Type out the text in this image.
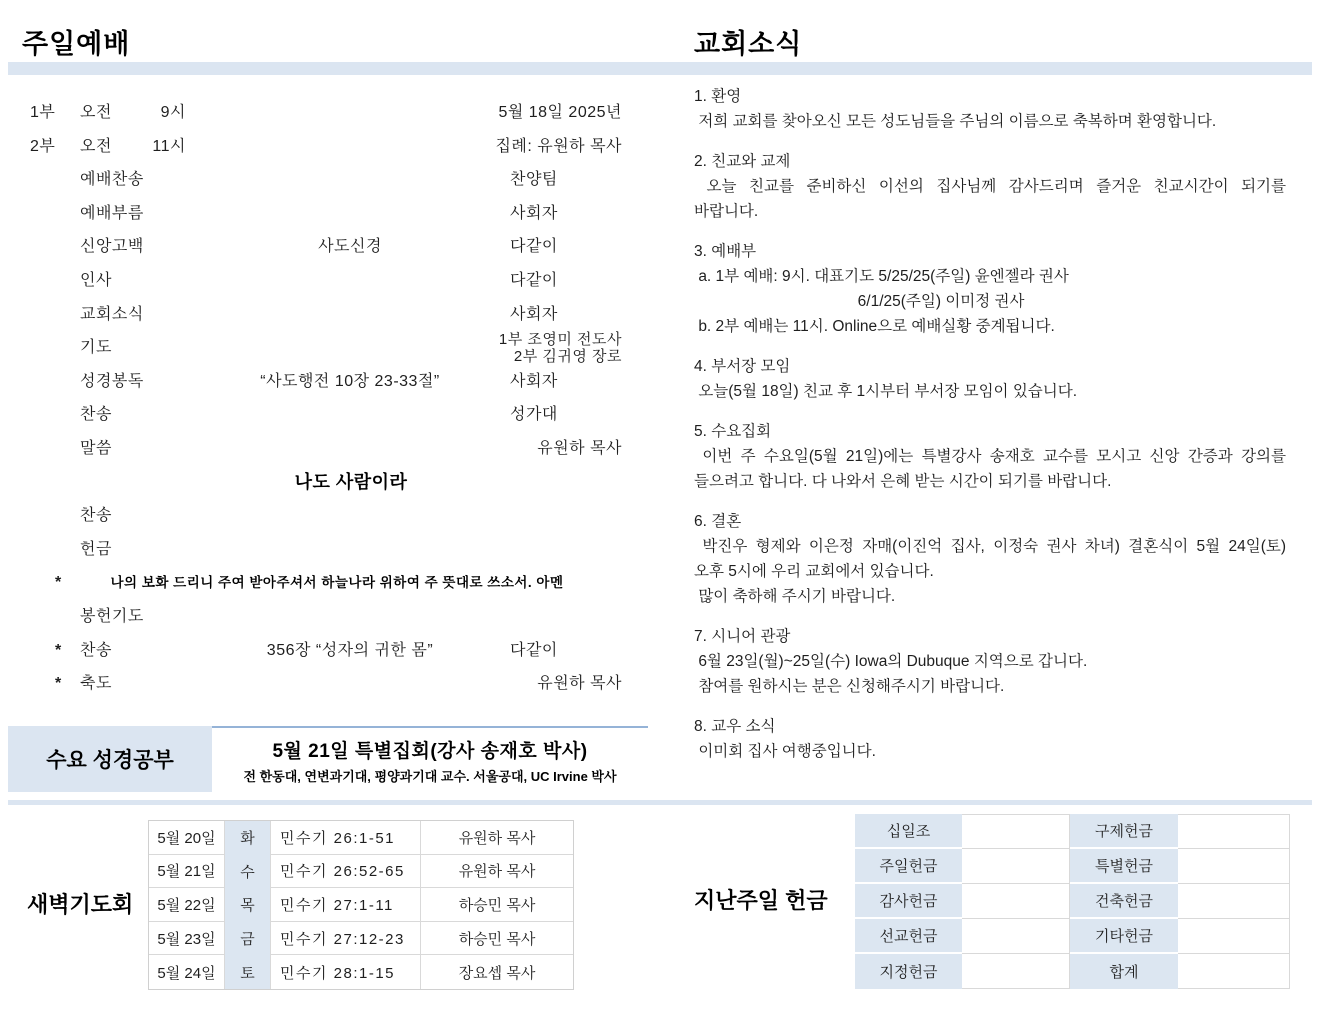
주일예배	교회소식
1부 오전 9시	5월 18일 2025년
2부 오전 11시	집례: 유원하 목사
예배찬송	찬양팀
예배부름	사회자
신앙고백	사도신경	다같이
인사	다같이
교회소식	사회자
기도	1부 조영미 전도사
2부 김귀영 장로
성경봉독	“사도행전 10장 23-33절”	사회자
찬송	성가대
말씀	유원하 목사
나도 사람이라
찬송
헌금
*	나의 보화 드리니 주여 받아주셔서 하늘나라 위하여 주 뜻대로 쓰소서. 아멘
봉헌기도
* 찬송	356장 “성자의 귀한 몸”	다같이
* 축도	유원하 목사
1. 환영
저희 교회를 찾아오신 모든 성도님들을 주님의 이름으로 축복하며 환영합니다.
2. 친교와 교제
오늘 친교를 준비하신 이선의 집사님께 감사드리며 즐거운 친교시간이 되기를
바랍니다.
3. 예배부
a. 1부 예배: 9시. 대표기도 5/25/25(주일) 윤엔젤라 권사
6/1/25(주일) 이미정 권사
b. 2부 예배는 11시. Online으로 예배실황 중계됩니다.
4. 부서장 모임
오늘(5월 18일) 친교 후 1시부터 부서장 모임이 있습니다.
5. 수요집회
이번 주 수요일(5월 21일)에는 특별강사 송재호 교수를 모시고 신앙 간증과 강의를
들으려고 합니다. 다 나와서 은혜 받는 시간이 되기를 바랍니다.
6. 결혼
박진우 형제와 이은정 자매(이진억 집사, 이정숙 권사 차녀) 결혼식이 5월 24일(토)
오후 5시에 우리 교회에서 있습니다.
많이 축하해 주시기 바랍니다.
7. 시니어 관광
6월 23일(월)~25일(수) Iowa의 Dubuque 지역으로 갑니다.
참여를 원하시는 분은 신청해주시기 바랍니다.
8. 교우 소식
이미회 집사 여행중입니다.
수요 성경공부	5월 21일 특별집회(강사 송재호 박사)
전 한동대, 연변과기대, 평양과기대 교수. 서울공대, UC Irvine 박사
새벽기도회
5월 20일	화	민수기 26:1-51	유원하 목사
5월 21일	수	민수기 26:52-65	유원하 목사
5월 22일	목	민수기 27:1-11	하승민 목사
5월 23일	금	민수기 27:12-23	하승민 목사
5월 24일	토	민수기 28:1-15	장요셉 목사
지난주일 헌금
십일조	구제헌금
주일헌금	특별헌금
감사헌금	건축헌금
선교헌금	기타헌금
지정헌금	합계
